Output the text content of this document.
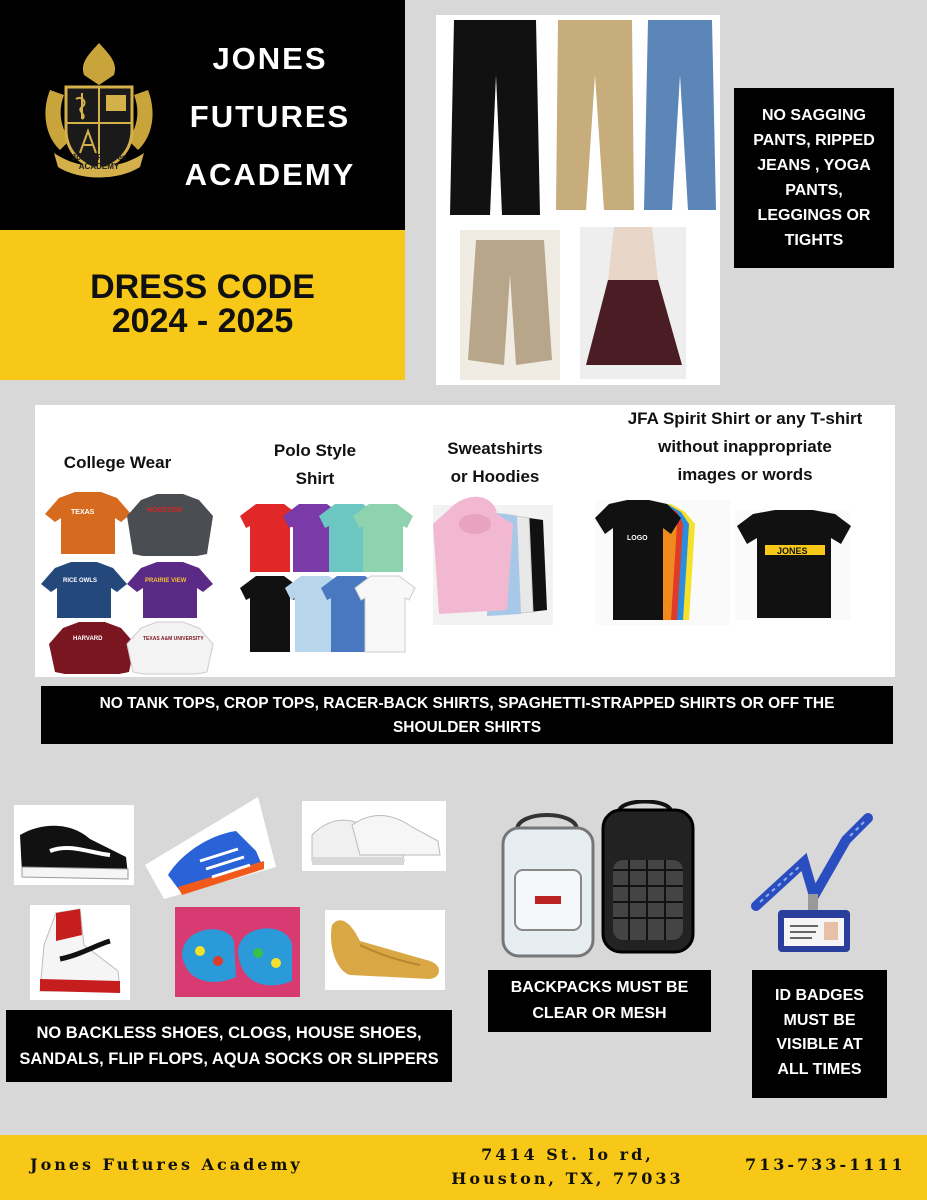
Jones Futures
ACADEMY
JONES
FUTURES
ACADEMY
DRESS CODE
2024 - 2025
NO SAGGING PANTS, RIPPED JEANS , YOGA PANTS, LEGGINGS OR TIGHTS
College Wear
Polo Style
Shirt
Sweatshirts
or Hoodies
JFA Spirit Shirt or any T-shirt
without inappropriate
images or words
TEXAS	HOUSTON
RICE OWLS	PRAIRIE VIEW
HARVARD	TEXAS A&M UNIVERSITY
LOGO
JONES
NO TANK TOPS, CROP TOPS, RACER-BACK SHIRTS, SPAGHETTI-STRAPPED SHIRTS OR OFF THE
SHOULDER SHIRTS
NO BACKLESS SHOES, CLOGS, HOUSE SHOES,
SANDALS, FLIP FLOPS, AQUA SOCKS OR SLIPPERS
BACKPACKS MUST BE
CLEAR OR MESH
ID BADGES
MUST BE
VISIBLE AT
ALL TIMES
Jones Futures Academy
7414 St. lo rd,
Houston, TX, 77033
713-733-1111
